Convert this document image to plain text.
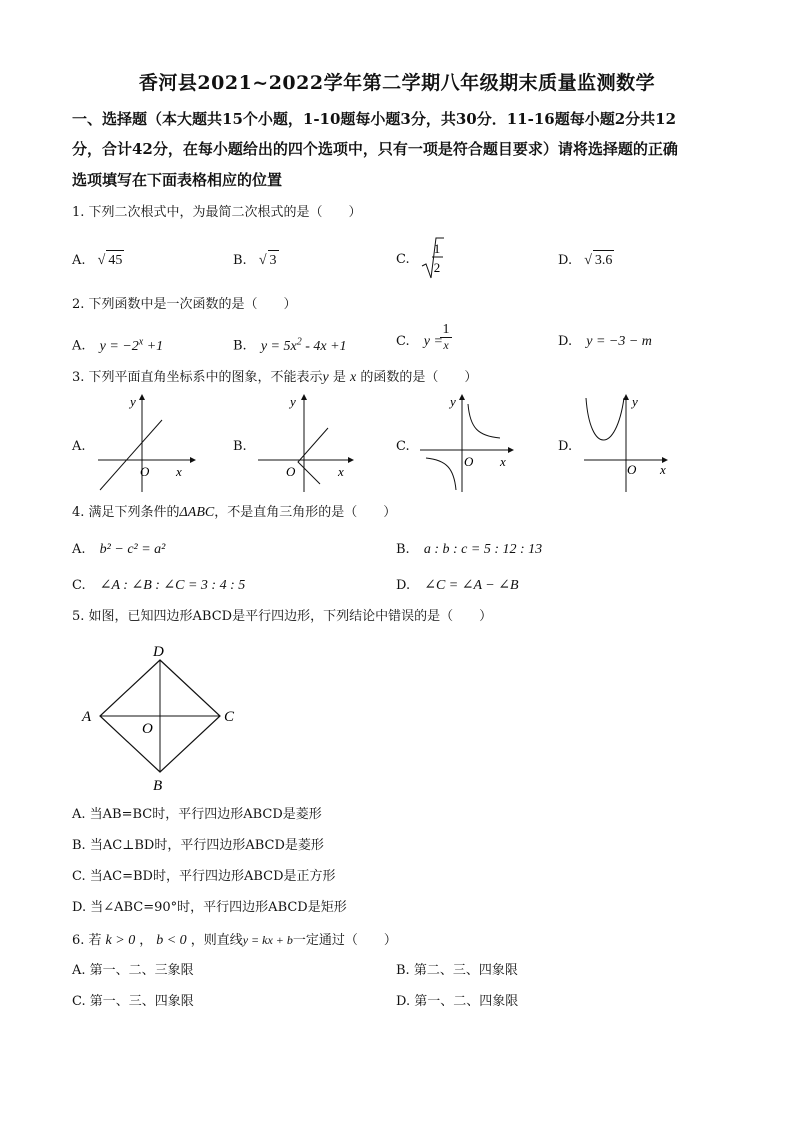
香河县2021~2022学年第二学期八年级期末质量监测数学
一、选择题（本大题共15个小题，1-10题每小题3分，共30分．11-16题每小题2分共12
分，合计42分，在每小题给出的四个选项中，只有一项是符合题目要求）请将选择题的正确
选项填写在下面表格相应的位置
1. 下列二次根式中，为最简二次根式的是（　　）
A. √ 45	B. √ 3	C.
1
2	D. √ 3.6
2. 下列函数中是一次函数的是（　　）
A. $y = -2^x +1$	B. $y = 5x^2 - 4x +1$	C. y =
$\frac{1}{x}$	D. y = −3 − m
3. 下列平面直角坐标系中的图象，不能表示y 是 x 的函数的是（　　）
A.
y
x
O
B.
y
x
O
C.
y
x
O
D.
y
x
O
4. 满足下列条件的ΔABC，不是直角三角形的是（　　）
A. b² − c² = a²	B. a : b : c = 5 : 12 : 13
C. ∠A : ∠B : ∠C = 3 : 4 : 5	D. ∠C = ∠A − ∠B
5. 如图，已知四边形ABCD是平行四边形，下列结论中错误的是（　　）
D
A	C
B
O
A. 当AB=BC时，平行四边形ABCD是菱形
B. 当AC⊥BD时，平行四边形ABCD是菱形
C. 当AC=BD时，平行四边形ABCD是正方形
D. 当∠ABC=90°时，平行四边形ABCD是矩形
6. 若 k > 0 ， b < 0 ，则直线y = kx + b一定通过（　　）
A. 第一、二、三象限	B. 第二、三、四象限
C. 第一、三、四象限	D. 第一、二、四象限
